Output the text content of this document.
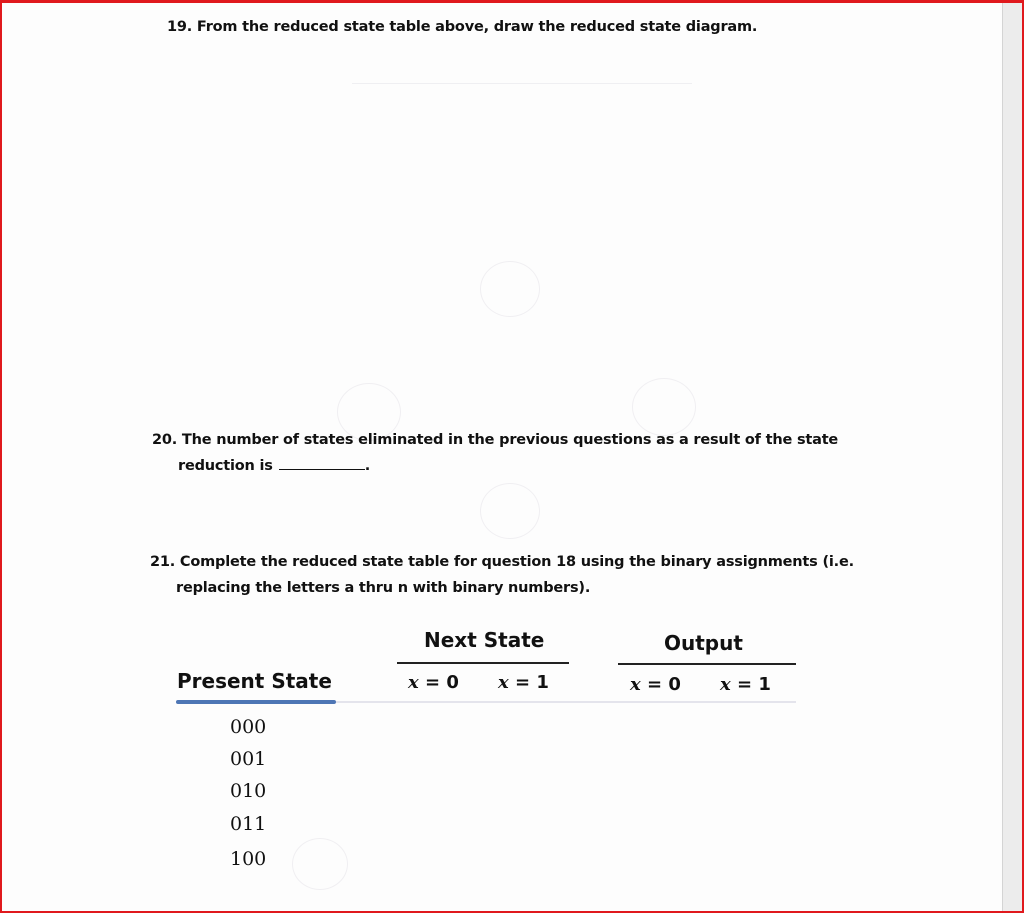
19. From the reduced state table above, draw the reduced state diagram.
20. The number of states eliminated in the previous questions as a result of the state
reduction is	.
21. Complete the reduced state table for question 18 using the binary assignments (i.e.
replacing the letters a thru n with binary numbers).
Next State	Output
Present State	x = 0 x = 1	x = 0 x = 1
000
001
010
011
100
